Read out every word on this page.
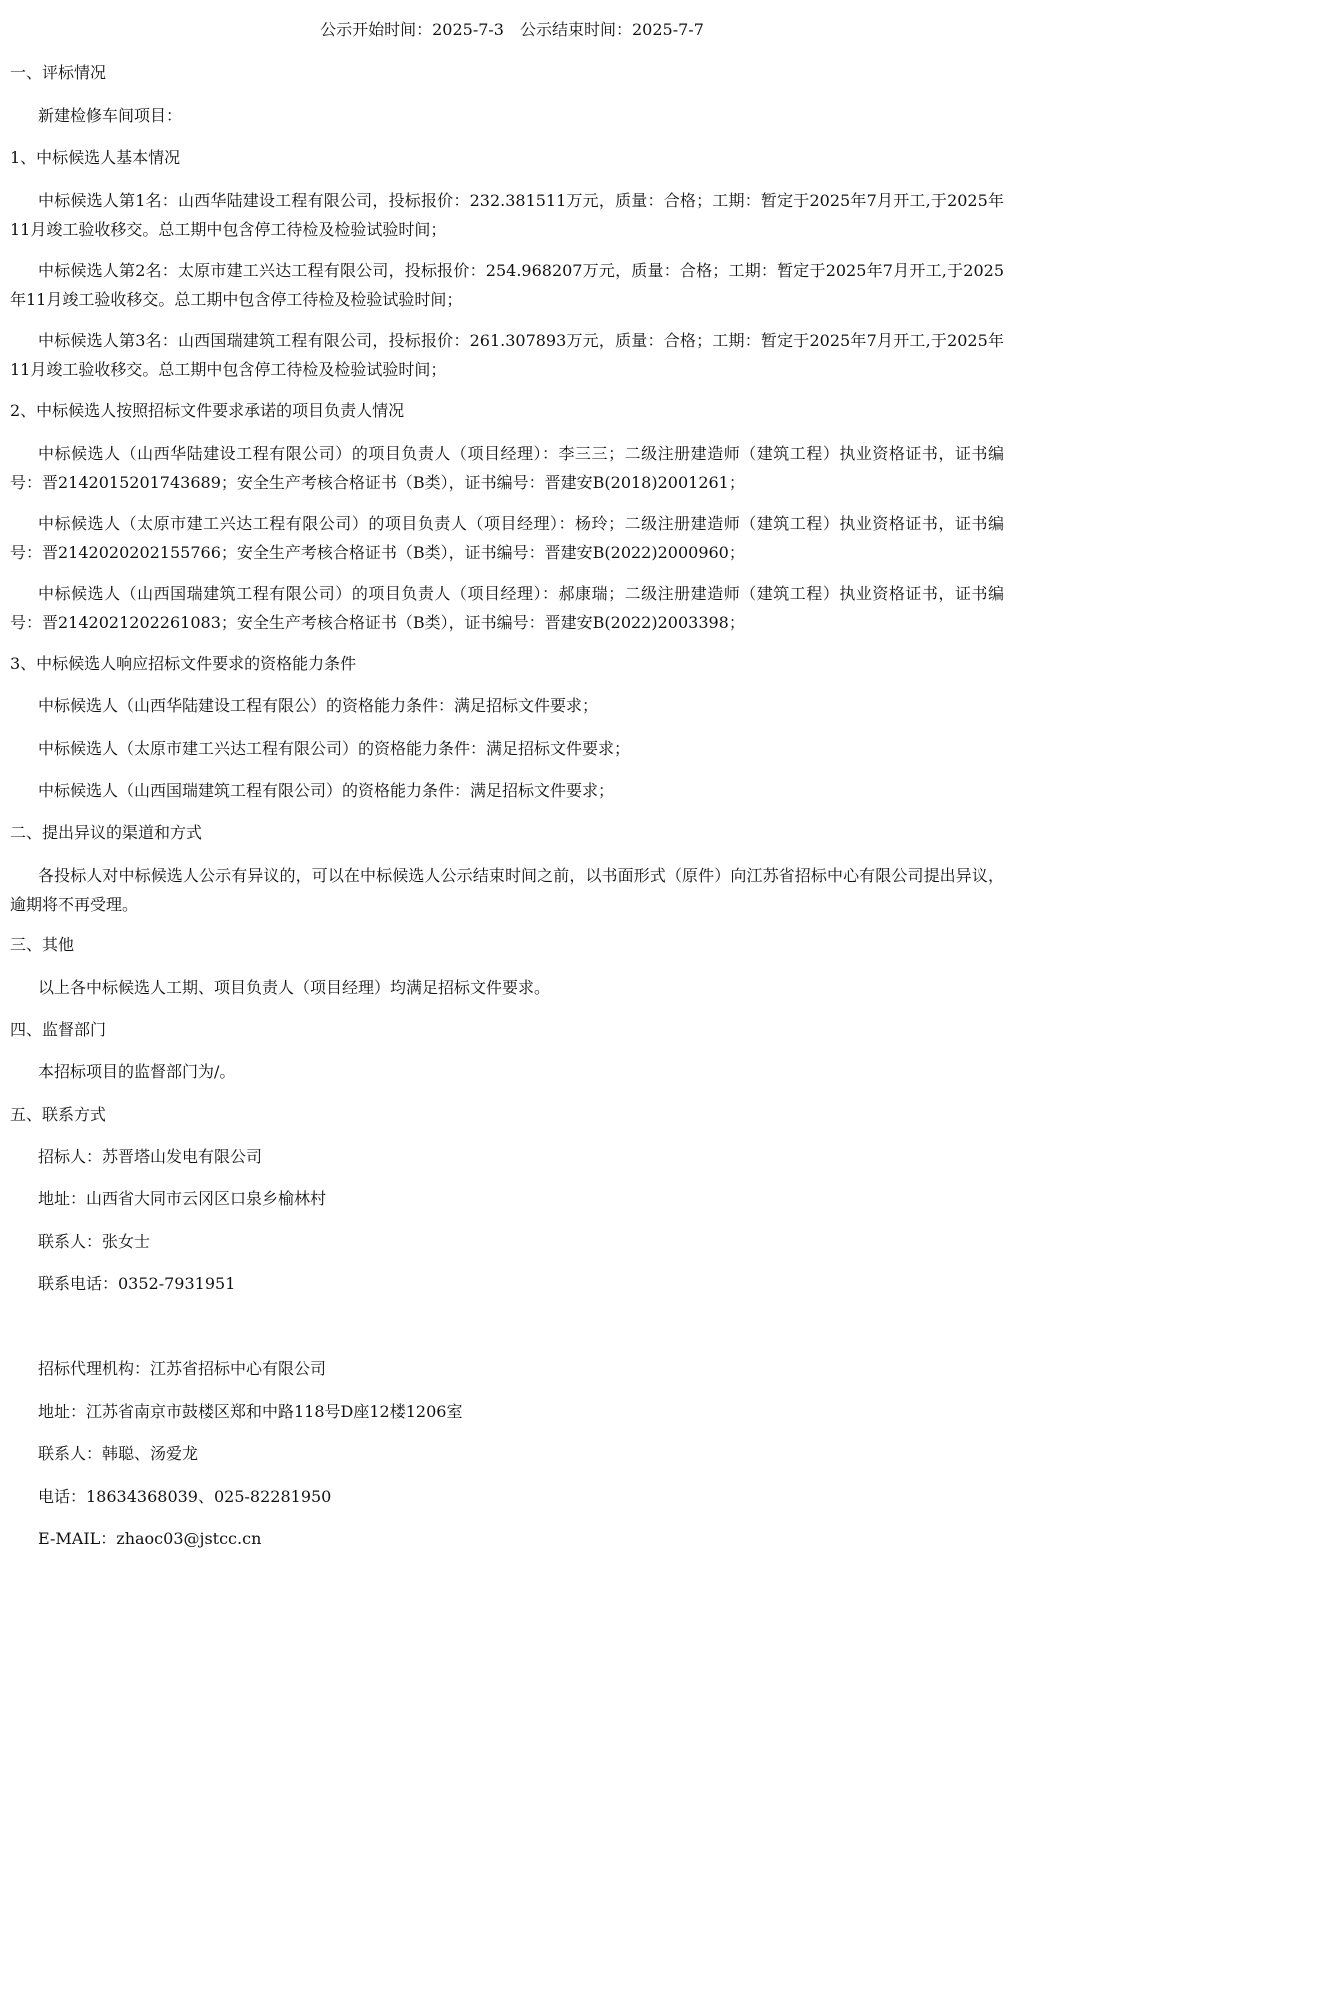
公示开始时间：2025-7-3　公示结束时间：2025-7-7
一、评标情况
新建检修车间项目：
1、中标候选人基本情况
中标候选人第1名：山西华陆建设工程有限公司，投标报价：232.381511万元，质量：合格；工期：暂定于2025年7月开工,于2025年11月竣工验收移交。总工期中包含停工待检及检验试验时间；
中标候选人第2名：太原市建工兴达工程有限公司，投标报价：254.968207万元，质量：合格；工期：暂定于2025年7月开工,于2025年11月竣工验收移交。总工期中包含停工待检及检验试验时间；
中标候选人第3名：山西国瑞建筑工程有限公司，投标报价：261.307893万元，质量：合格；工期：暂定于2025年7月开工,于2025年11月竣工验收移交。总工期中包含停工待检及检验试验时间；
2、中标候选人按照招标文件要求承诺的项目负责人情况
中标候选人（山西华陆建设工程有限公司）的项目负责人（项目经理）：李三三；二级注册建造师（建筑工程）执业资格证书，证书编号：晋2142015201743689；安全生产考核合格证书（B类），证书编号：晋建安B(2018)2001261；
中标候选人（太原市建工兴达工程有限公司）的项目负责人（项目经理）：杨玲；二级注册建造师（建筑工程）执业资格证书，证书编号：晋2142020202155766；安全生产考核合格证书（B类），证书编号：晋建安B(2022)2000960；
中标候选人（山西国瑞建筑工程有限公司）的项目负责人（项目经理）：郝康瑞；二级注册建造师（建筑工程）执业资格证书，证书编号：晋2142021202261083；安全生产考核合格证书（B类），证书编号：晋建安B(2022)2003398；
3、中标候选人响应招标文件要求的资格能力条件
中标候选人（山西华陆建设工程有限公）的资格能力条件：满足招标文件要求；
中标候选人（太原市建工兴达工程有限公司）的资格能力条件：满足招标文件要求；
中标候选人（山西国瑞建筑工程有限公司）的资格能力条件：满足招标文件要求；
二、提出异议的渠道和方式
各投标人对中标候选人公示有异议的，可以在中标候选人公示结束时间之前，以书面形式（原件）向江苏省招标中心有限公司提出异议，逾期将不再受理。
三、其他
以上各中标候选人工期、项目负责人（项目经理）均满足招标文件要求。
四、监督部门
本招标项目的监督部门为/。
五、联系方式
招标人：苏晋塔山发电有限公司
地址：山西省大同市云冈区口泉乡榆林村
联系人：张女士
联系电话：0352-7931951
招标代理机构：江苏省招标中心有限公司
地址：江苏省南京市鼓楼区郑和中路118号D座12楼1206室
联系人：韩聪、汤爱龙
电话：18634368039、025-82281950
E-MAIL：zhaoc03@jstcc.cn
